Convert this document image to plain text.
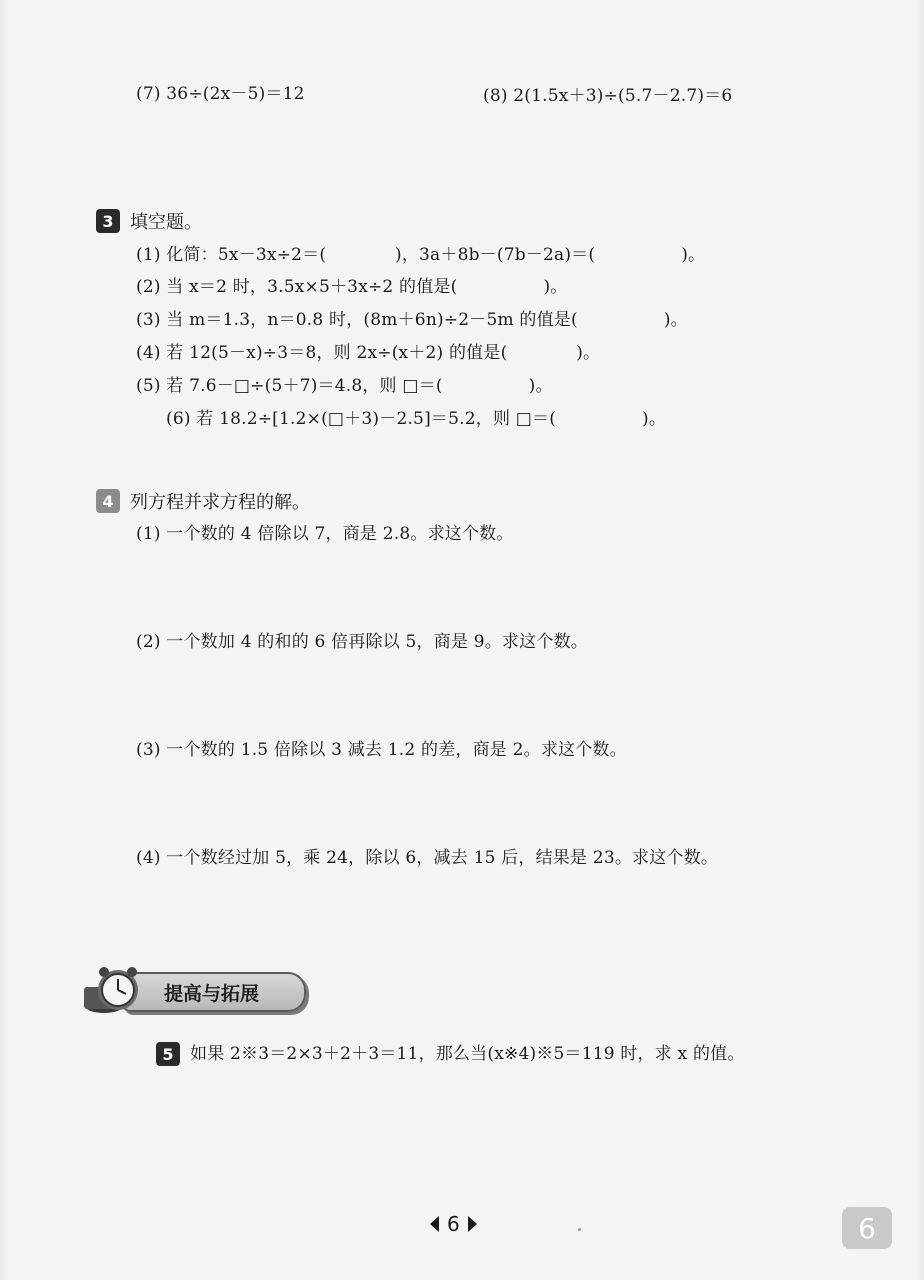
(7) 36÷(2x－5)＝12	(8) 2(1.5x＋3)÷(5.7－2.7)＝6
3 填空题。
(1) 化简：5x－3x÷2＝(　　　　)，3a＋8b－(7b－2a)＝(　　　　　)。
(2) 当 x＝2 时，3.5x×5＋3x÷2 的值是(　　　　　)。
(3) 当 m＝1.3，n＝0.8 时，(8m＋6n)÷2－5m 的值是(　　　　　)。
(4) 若 12(5－x)÷3＝8，则 2x÷(x＋2) 的值是(　　　　)。
(5) 若 7.6－□÷(5＋7)＝4.8，则 □＝(　　　　　)。
(6) 若 18.2÷[1.2×(□＋3)－2.5]＝5.2，则 □＝(　　　　　)。
4 列方程并求方程的解。
(1) 一个数的 4 倍除以 7，商是 2.8。求这个数。
(2) 一个数加 4 的和的 6 倍再除以 5，商是 9。求这个数。
(3) 一个数的 1.5 倍除以 3 减去 1.2 的差，商是 2。求这个数。
(4) 一个数经过加 5，乘 24，除以 6，减去 15 后，结果是 23。求这个数。
提高与拓展
5 如果 2※3＝2×3＋2＋3＝11，那么当(x※4)※5＝119 时，求 x 的值。
6	6
